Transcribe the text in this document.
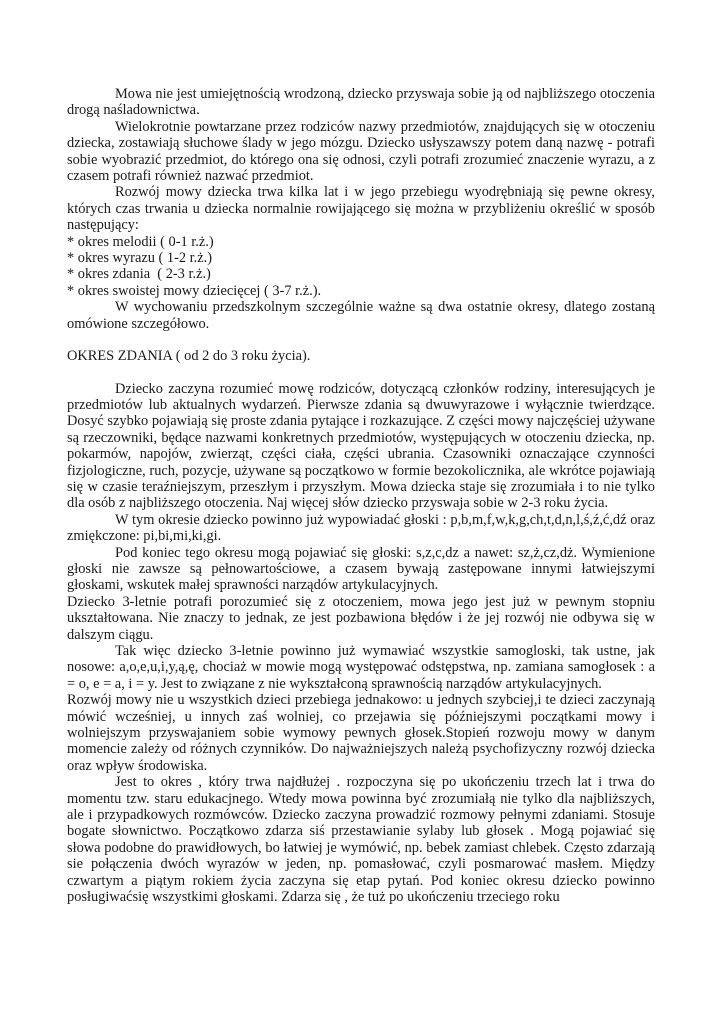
Mowa nie jest umiejętnością wrodzoną, dziecko przyswaja sobie ją od najbliższego otoczenia drogą naśladownictwa.

Wielokrotnie powtarzane przez rodziców nazwy przedmiotów, znajdujących się w otoczeniu dziecka, zostawiają słuchowe ślady w jego mózgu. Dziecko usłyszawszy potem daną nazwę - potrafi sobie wyobrazić przedmiot, do którego ona się odnosi, czyli potrafi zrozumieć znaczenie wyrazu, a z czasem potrafi również nazwać przedmiot.

Rozwój mowy dziecka trwa kilka lat i w jego przebiegu wyodrębniają się pewne okresy, których czas trwania u dziecka normalnie rowijającego się można w przybliżeniu określić w sposób następujący:

* okres melodii ( 0-1 r.ż.)

* okres wyrazu ( 1-2 r.ż.)

* okres zdania  ( 2-3 r.ż.)

* okres swoistej mowy dziecięcej ( 3-7 r.ż.).

W wychowaniu przedszkolnym szczególnie ważne są dwa ostatnie okresy, dlatego zostaną omówione szczegółowo.

OKRES ZDANIA ( od 2 do 3 roku życia).

Dziecko zaczyna rozumieć mowę rodziców, dotyczącą członków rodziny, interesujących je przedmiotów lub aktualnych wydarzeń. Pierwsze zdania są dwuwyrazowe i wyłącznie twierdzące. Dosyć szybko pojawiają się proste zdania pytające i rozkazujące. Z części mowy najczęściej używane są rzeczowniki, będące nazwami konkretnych przedmiotów, występujących w otoczeniu dziecka, np. pokarmów, napojów, zwierząt, części ciała, części ubrania. Czasowniki oznaczające czynności fizjologiczne, ruch, pozycje, używane są początkowo w formie bezokolicznika, ale wkrótce pojawiają się w czasie teraźniejszym, przeszłym i przyszłym. Mowa dziecka staje się zrozumiała i to nie tylko dla osób z najbliższego otoczenia. Naj więcej słów dziecko przyswaja sobie w 2-3 roku życia.

W tym okresie dziecko powinno już wypowiadać głoski : p,b,m,f,w,k,g,ch,t,d,n,l,ś,ź,ć,dź oraz zmiękczone: pi,bi,mi,ki,gi.

Pod koniec tego okresu mogą pojawiać się głoski: s,z,c,dz a nawet: sz,ż,cz,dż. Wymienione głoski nie zawsze są pełnowartościowe, a czasem bywają zastępowane innymi łatwiejszymi głoskami, wskutek małej sprawności narządów artykulacyjnych.

Dziecko 3-letnie potrafi porozumieć się z otoczeniem, mowa jego jest już w pewnym stopniu ukształtowana. Nie znaczy to jednak, ze jest pozbawiona błędów i że jej rozwój nie odbywa się w dalszym ciągu.

Tak więc dziecko 3-letnie powinno już wymawiać wszystkie samogloski, tak ustne, jak nosowe: a,o,e,u,i,y,ą,ę, chociaż w mowie mogą występować odstępstwa, np. zamiana samogłosek : a = o, e = a, i = y. Jest to związane z nie wykształconą sprawnością narządów artykulacyjnych.

Rozwój mowy nie u wszystkich dzieci przebiega jednakowo: u jednych szybciej,i te dzieci zaczynają mówić wcześniej, u innych zaś wolniej, co przejawia się późniejszymi początkami mowy i wolniejszym przyswajaniem sobie wymowy pewnych głosek.Stopień rozwoju mowy w danym momencie zależy od różnych czynników. Do najważniejszych należą psychofizyczny rozwój dziecka oraz wpływ środowiska.

Jest to okres , który trwa najdłużej . rozpoczyna się po ukończeniu trzech lat i trwa do momentu tzw. staru edukacjnego. Wtedy mowa powinna być zrozumiałą nie tylko dla najbliższych, ale i przypadkowych rozmówców. Dziecko zaczyna prowadzić rozmowy pełnymi zdaniami. Stosuje bogate słownictwo. Początkowo zdarza siś przestawianie sylaby lub głosek . Mogą pojawiać się słowa podobne do prawidłowych, bo łatwiej je wymówić, np. bebek zamiast chlebek. Często zdarzają sie połączenia dwóch wyrazów w jeden, np. pomasłować, czyli posmarować masłem. Między czwartym a piątym rokiem życia zaczyna się etap pytań. Pod koniec okresu dziecko powinno posługiwaćsię wszystkimi głoskami. Zdarza się , że tuż po ukończeniu trzeciego roku
